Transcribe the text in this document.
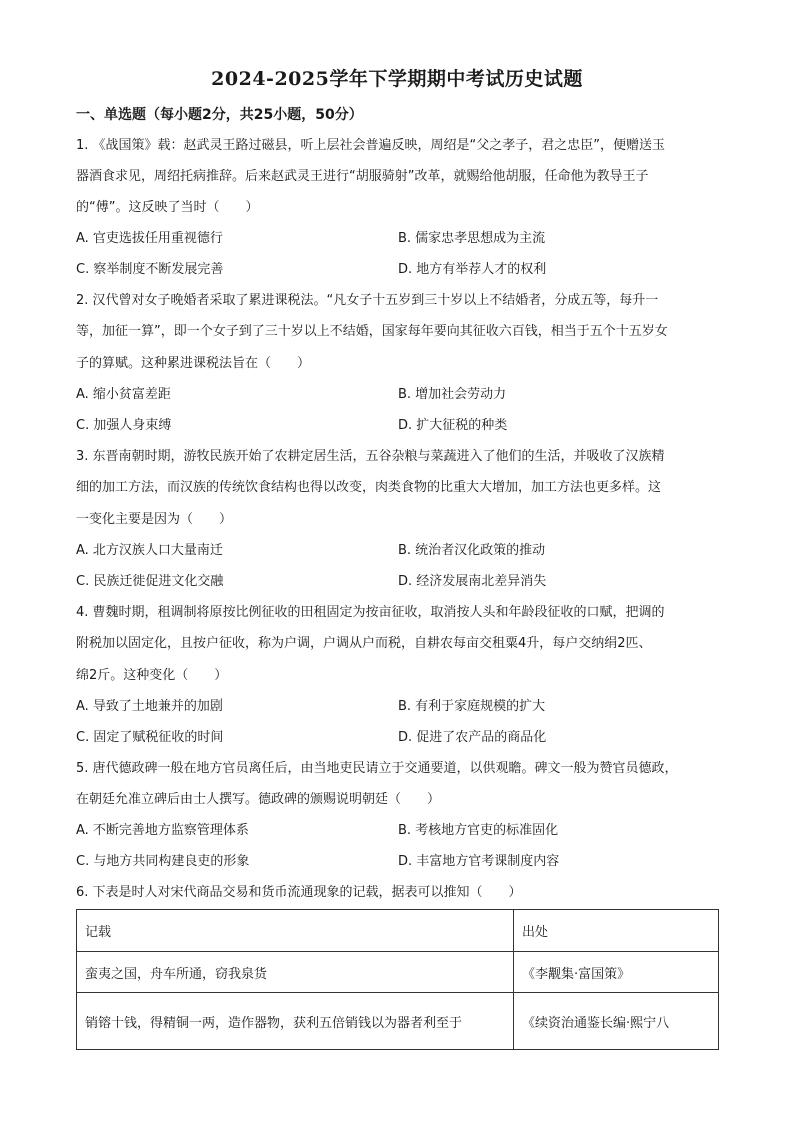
2024-2025学年下学期期中考试历史试题
一、单选题（每小题2分，共25小题，50分）
1. 《战国策》载：赵武灵王路过磁县，听上层社会普遍反映，周绍是“父之孝子，君之忠臣”，便赠送玉
器酒食求见，周绍托病推辞。后来赵武灵王进行“胡服骑射”改革，就赐给他胡服，任命他为教导王子
的“傅”。这反映了当时（　　）
A. 官吏选拔任用重视德行	B. 儒家忠孝思想成为主流
C. 察举制度不断发展完善	D. 地方有举荐人才的权利
2. 汉代曾对女子晚婚者采取了累进课税法。“凡女子十五岁到三十岁以上不结婚者，分成五等，每升一
等，加征一算”，即一个女子到了三十岁以上不结婚，国家每年要向其征收六百钱，相当于五个十五岁女
子的算赋。这种累进课税法旨在（　　）
A. 缩小贫富差距	B. 增加社会劳动力
C. 加强人身束缚	D. 扩大征税的种类
3. 东晋南朝时期，游牧民族开始了农耕定居生活，五谷杂粮与菜蔬进入了他们的生活，并吸收了汉族精
细的加工方法，而汉族的传统饮食结构也得以改变，肉类食物的比重大大增加，加工方法也更多样。这
一变化主要是因为（　　）
A. 北方汉族人口大量南迁	B. 统治者汉化政策的推动
C. 民族迁徙促进文化交融	D. 经济发展南北差异消失
4. 曹魏时期，租调制将原按比例征收的田租固定为按亩征收，取消按人头和年龄段征收的口赋，把调的
附税加以固定化，且按户征收，称为户调，户调从户而税，自耕农每亩交租粟4升，每户交纳绢2匹、
绵2斤。这种变化（　　）
A. 导致了土地兼并的加剧	B. 有利于家庭规模的扩大
C. 固定了赋税征收的时间	D. 促进了农产品的商品化
5. 唐代德政碑一般在地方官员离任后，由当地吏民请立于交通要道，以供观瞻。碑文一般为赞官员德政，
在朝廷允准立碑后由士人撰写。德政碑的颁赐说明朝廷（　　）
A. 不断完善地方监察管理体系	B. 考核地方官吏的标准固化
C. 与地方共同构建良吏的形象	D. 丰富地方官考课制度内容
6. 下表是时人对宋代商品交易和货币流通现象的记载，据表可以推知（　　）
记载	出处
蛮夷之国，舟车所通，窃我泉货	《李觏集·富国策》

销镕十钱，得精铜一两，造作器物，获利五倍销钱以为器者利至于	《续资治通鉴长编·熙宁八
